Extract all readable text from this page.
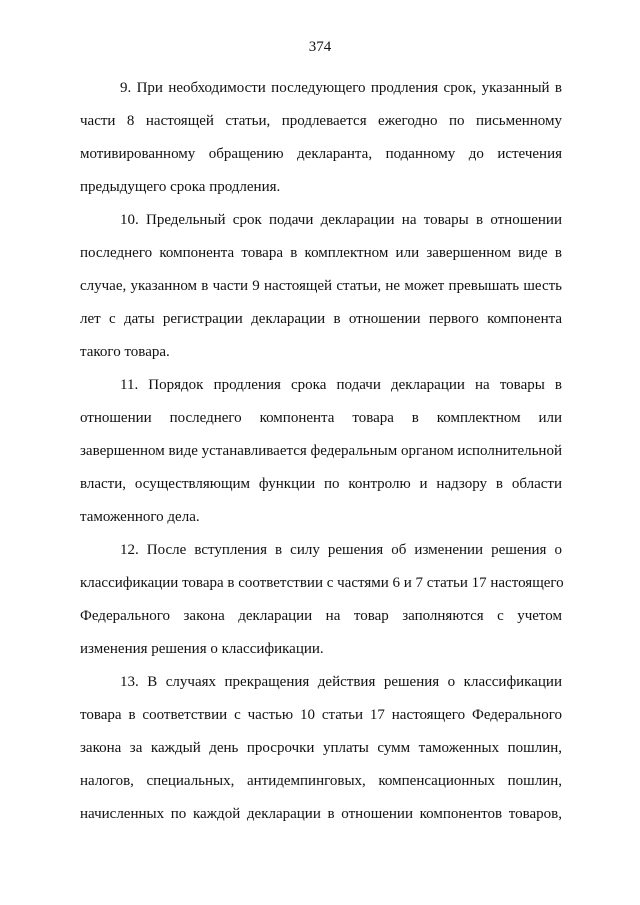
374
9. При необходимости последующего продления срок, указанный в
части 8 настоящей статьи, продлевается ежегодно по письменному
мотивированному обращению декларанта, поданному до истечения
предыдущего срока продления.
10. Предельный срок подачи декларации на товары в отношении
последнего компонента товара в комплектном или завершенном виде в
случае, указанном в части 9 настоящей статьи, не может превышать шесть
лет с даты регистрации декларации в отношении первого компонента
такого товара.
11. Порядок продления срока подачи декларации на товары в
отношении последнего компонента товара в комплектном или
завершенном виде устанавливается федеральным органом исполнительной
власти, осуществляющим функции по контролю и надзору в области
таможенного дела.
12. После вступления в силу решения об изменении решения о
классификации товара в соответствии с частями 6 и 7 статьи 17 настоящего
Федерального закона декларации на товар заполняются с учетом
изменения решения о классификации.
13. В случаях прекращения действия решения о классификации
товара в соответствии с частью 10 статьи 17 настоящего Федерального
закона за каждый день просрочки уплаты сумм таможенных пошлин,
налогов, специальных, антидемпинговых, компенсационных пошлин,
начисленных по каждой декларации в отношении компонентов товаров,
